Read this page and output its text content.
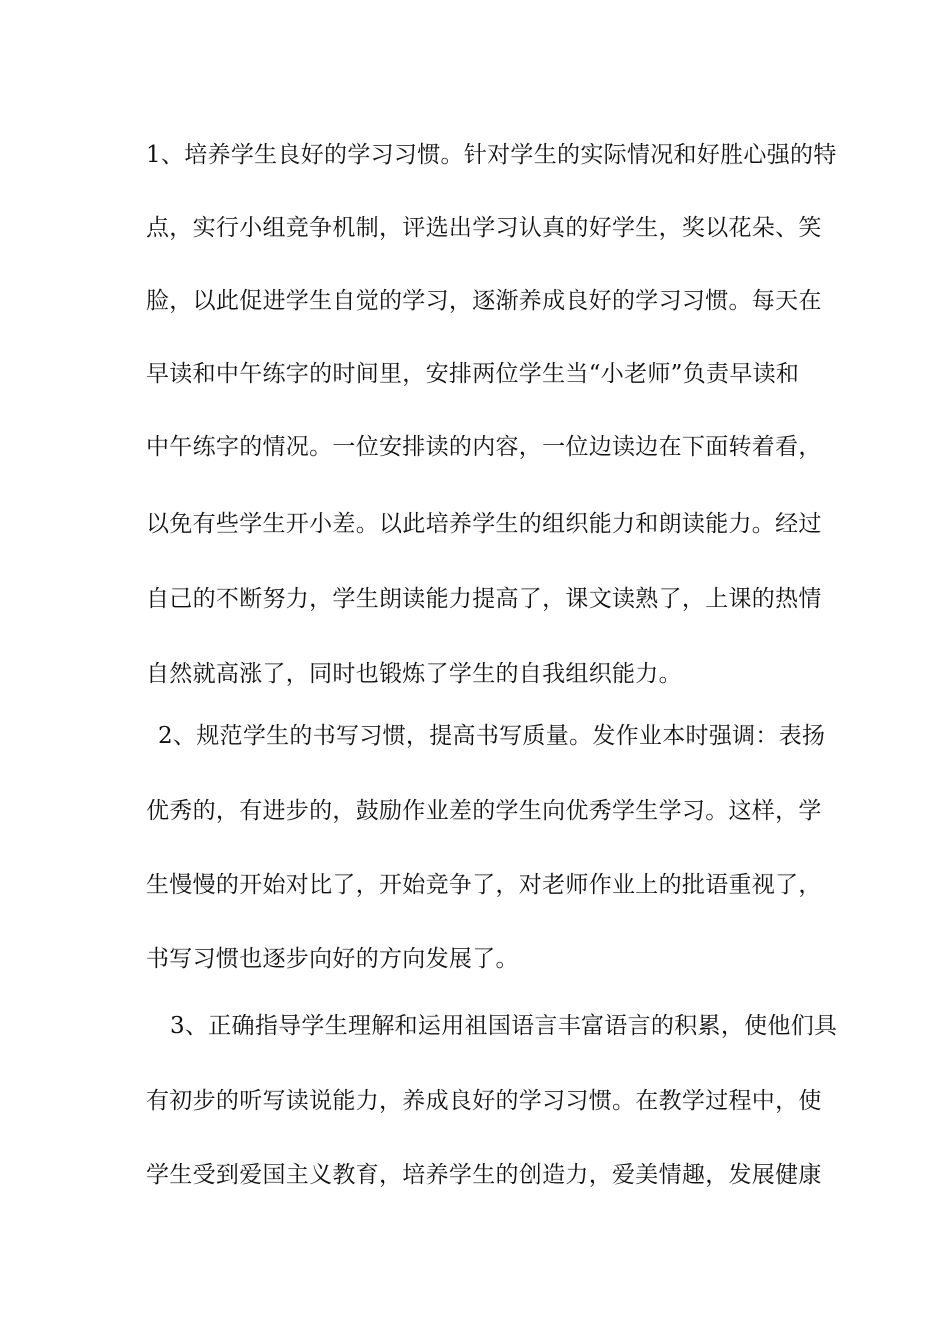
1、培养学生良好的学习习惯。针对学生的实际情况和好胜心强的特
点，实行小组竞争机制，评选出学习认真的好学生，奖以花朵、笑
脸，以此促进学生自觉的学习，逐渐养成良好的学习习惯。每天在
早读和中午练字的时间里，安排两位学生当“小老师”负责早读和
中午练字的情况。一位安排读的内容，一位边读边在下面转着看，
以免有些学生开小差。以此培养学生的组织能力和朗读能力。经过
自己的不断努力，学生朗读能力提高了，课文读熟了，上课的热情
自然就高涨了，同时也锻炼了学生的自我组织能力。
2、规范学生的书写习惯，提高书写质量。发作业本时强调：表扬
优秀的，有进步的，鼓励作业差的学生向优秀学生学习。这样，学
生慢慢的开始对比了，开始竞争了，对老师作业上的批语重视了，
书写习惯也逐步向好的方向发展了。
3、正确指导学生理解和运用祖国语言丰富语言的积累，使他们具
有初步的听写读说能力，养成良好的学习习惯。在教学过程中，使
学生受到爱国主义教育，培养学生的创造力，爱美情趣，发展健康
